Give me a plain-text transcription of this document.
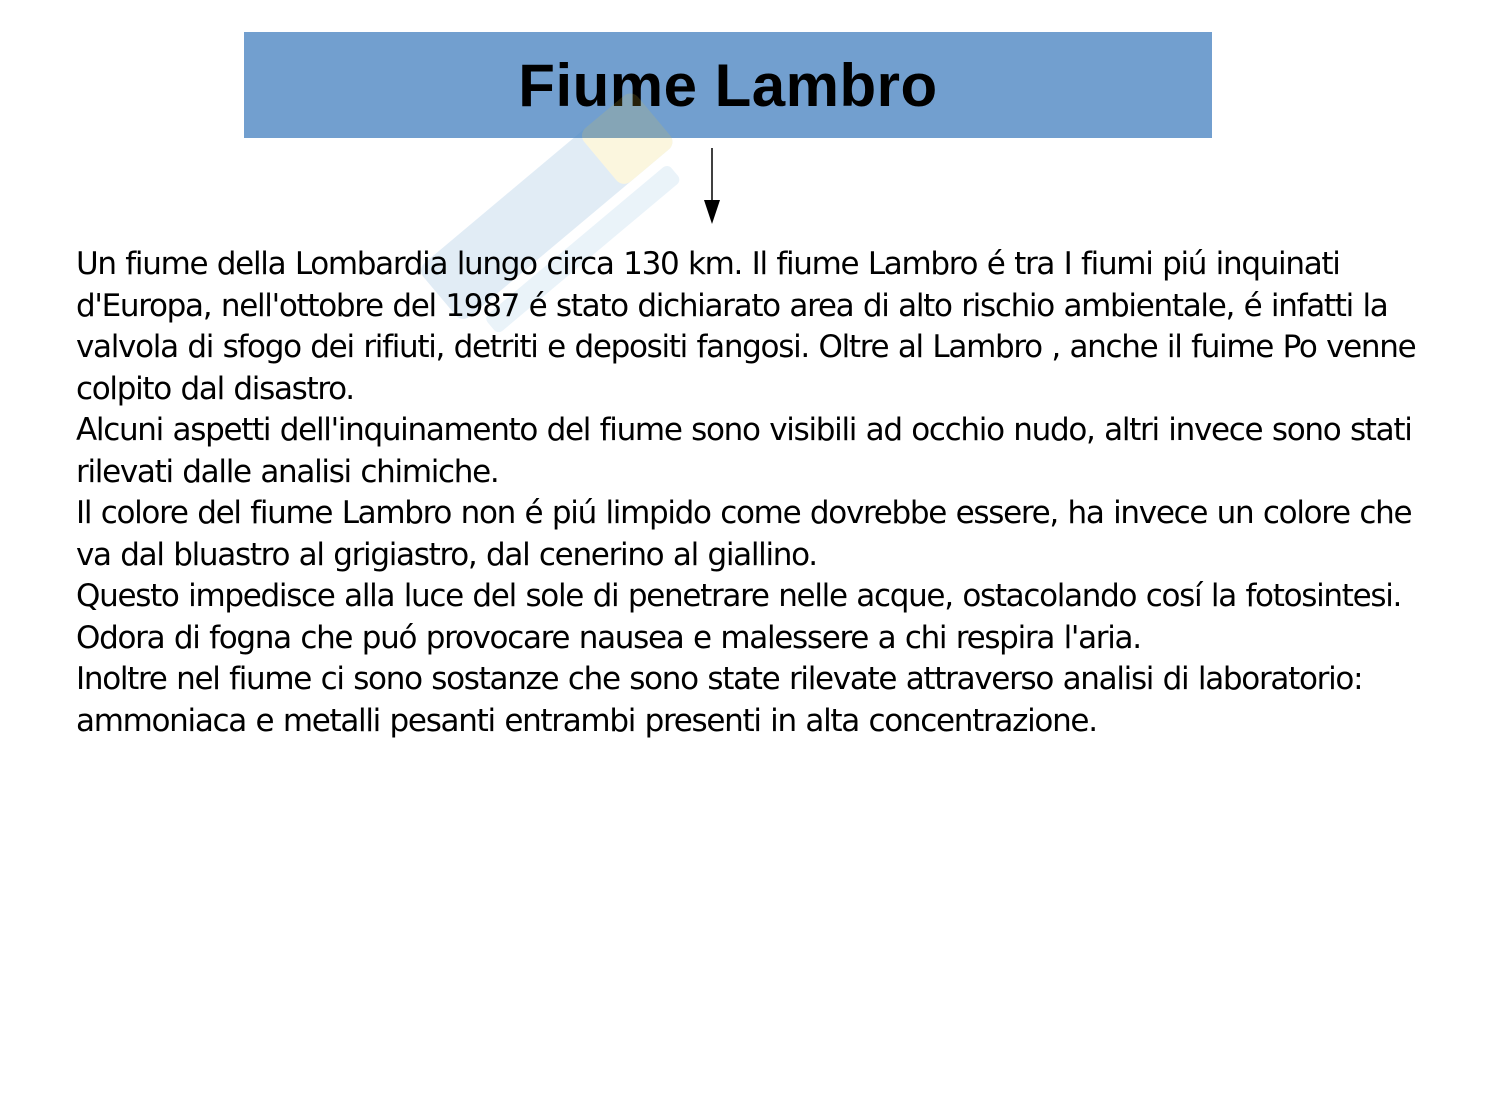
Fiume Lambro

Un fiume della Lombardia lungo circa 130 km. Il fiume Lambro é tra I fiumi piú inquinati d'Europa, nell'ottobre del 1987 é stato dichiarato area di alto rischio ambientale, é infatti la valvola di sfogo dei rifiuti, detriti e depositi fangosi. Oltre al Lambro , anche il fuime Po venne colpito dal disastro.

Alcuni aspetti dell'inquinamento del fiume sono visibili ad occhio nudo, altri invece sono stati rilevati dalle analisi chimiche.

Il colore del fiume Lambro non é piú limpido come dovrebbe essere, ha invece un colore che va dal bluastro al grigiastro, dal cenerino al giallino.

Questo impedisce alla luce del sole di penetrare nelle acque, ostacolando cosí la fotosintesi. Odora di fogna che puó provocare nausea e malessere a chi respira l'aria.

Inoltre nel fiume ci sono sostanze che sono state rilevate attraverso analisi di laboratorio: ammoniaca e metalli pesanti entrambi presenti in alta concentrazione.
